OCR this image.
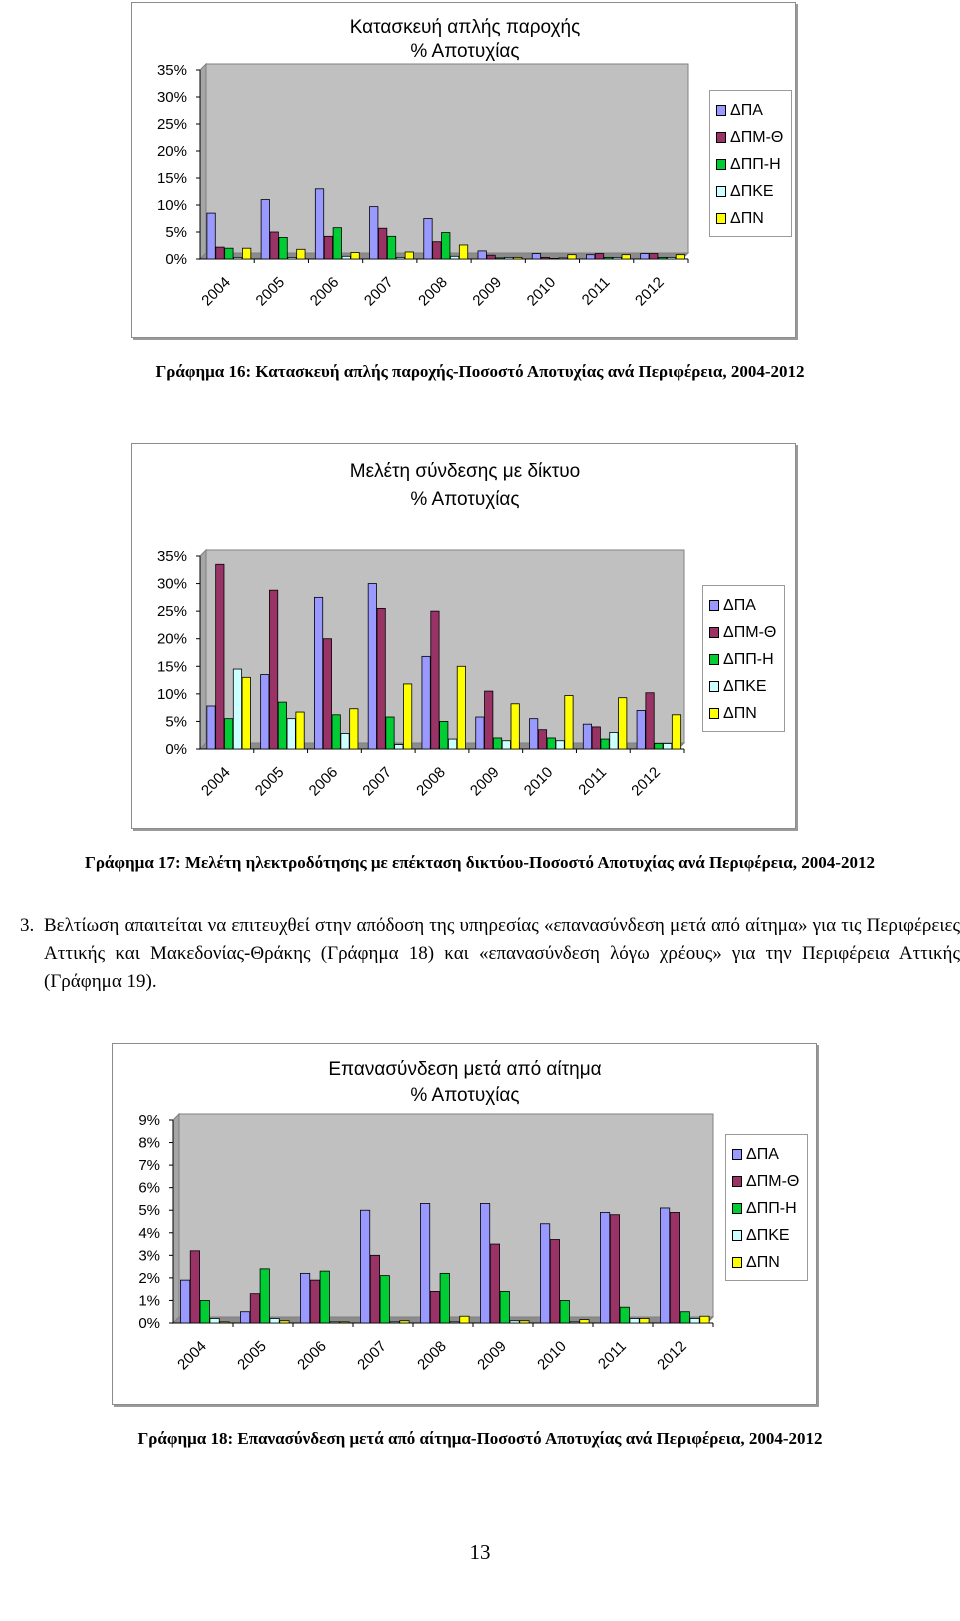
Κατασκευή απλής παροχής
% Αποτυχίας
35%
30%
25%
20%
15%
10%
5%
0%
2004 2005 2006 2007 2008 2009 2010 2011 2012
ΔΠΑ
ΔΠΜ-Θ
ΔΠΠ-Η
ΔΠΚΕ
ΔΠΝ
Γράφημα 16: Κατασκευή απλής παροχής-Ποσοστό Αποτυχίας ανά Περιφέρεια, 2004-2012
Μελέτη σύνδεσης με δίκτυο
% Αποτυχίας
35%
30%
25%
20%
15%
10%
5%
0%
2004 2005 2006 2007 2008 2009 2010 2011 2012
ΔΠΑ
ΔΠΜ-Θ
ΔΠΠ-Η
ΔΠΚΕ
ΔΠΝ
Γράφημα 17: Μελέτη ηλεκτροδότησης με επέκταση δικτύου-Ποσοστό Αποτυχίας ανά Περιφέρεια, 2004-2012
3. Βελτίωση απαιτείται να επιτευχθεί στην απόδοση της υπηρεσίας «επανασύνδεση μετά από αίτημα» για τις Περιφέρειες Αττικής και Μακεδονίας-Θράκης (Γράφημα 18) και «επανασύνδεση λόγω χρέους» για την Περιφέρεια Αττικής (Γράφημα 19).
Επανασύνδεση μετά από αίτημα
% Αποτυχίας
9%
8%
7%
6%
5%
4%
3%
2%
1%
0%
2004 2005 2006 2007 2008 2009 2010 2011 2012
ΔΠΑ
ΔΠΜ-Θ
ΔΠΠ-Η
ΔΠΚΕ
ΔΠΝ
Γράφημα 18: Επανασύνδεση μετά από αίτημα-Ποσοστό Αποτυχίας ανά Περιφέρεια, 2004-2012
13
